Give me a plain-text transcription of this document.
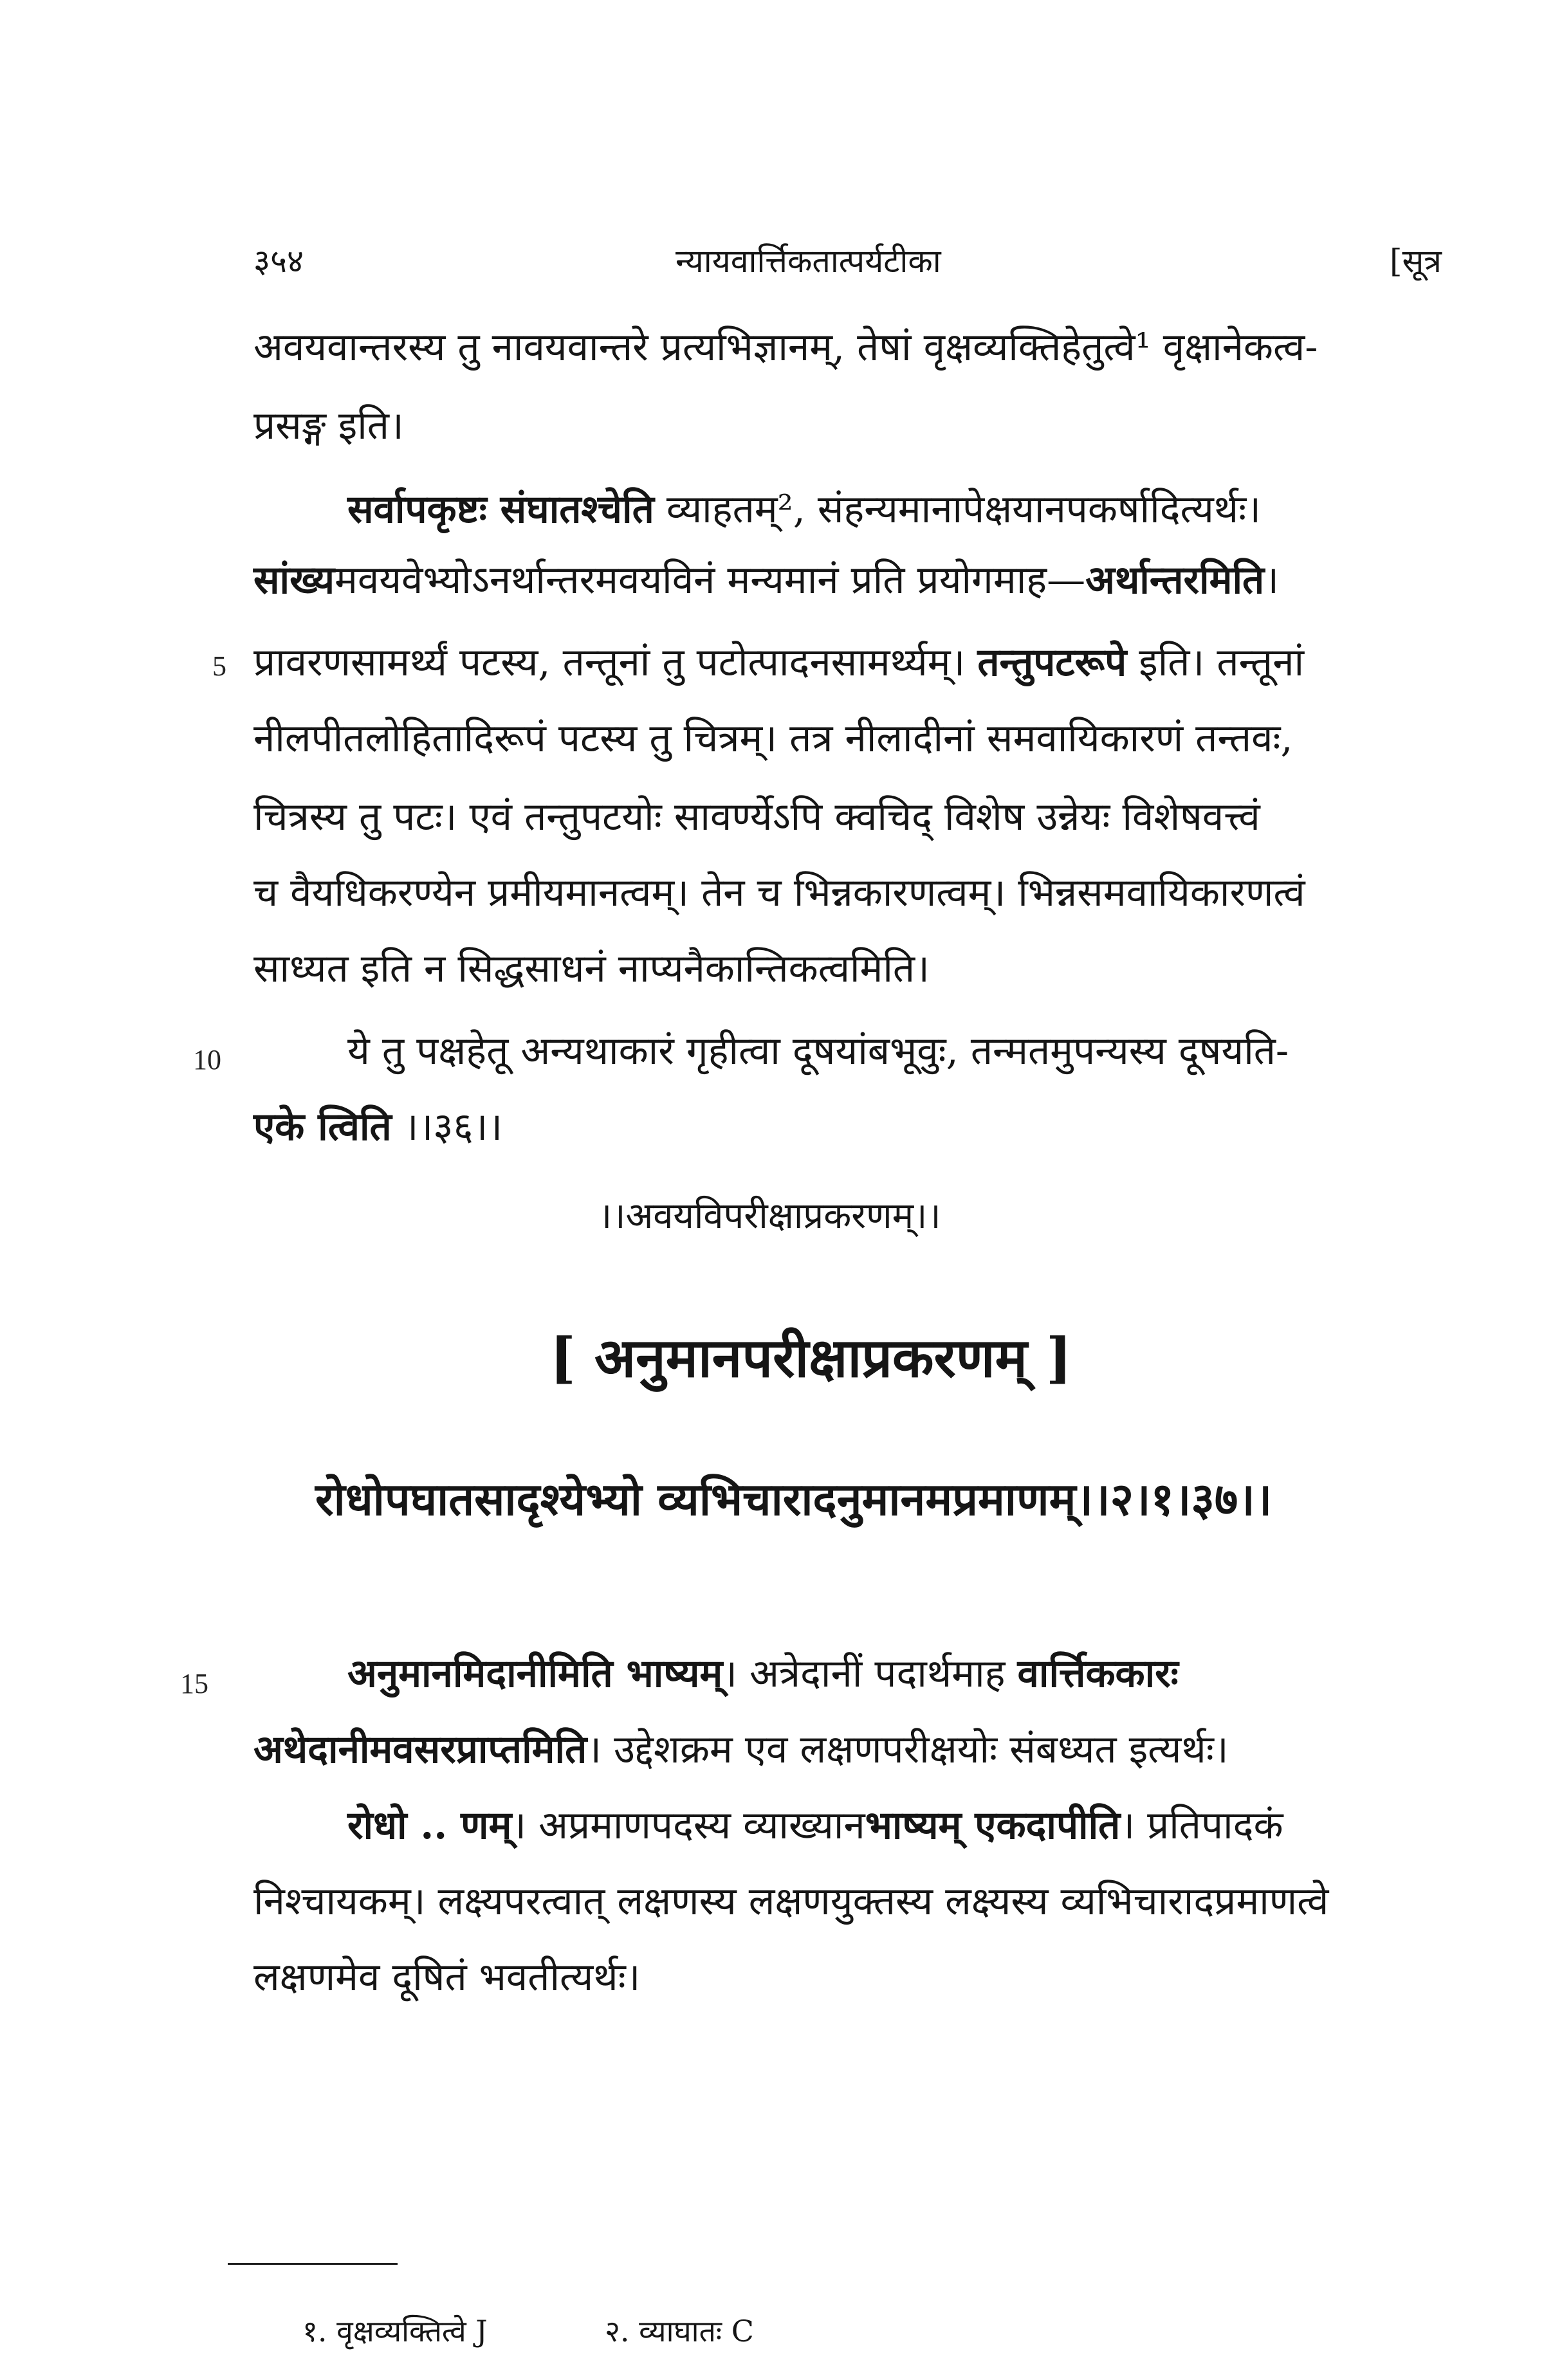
३५४	न्यायवार्त्तिकतात्पर्यटीका	[सूत्र
अवयवान्तरस्य तु नावयवान्तरे प्रत्यभिज्ञानम्, तेषां वृक्षव्यक्तिहेतुत्वे¹ वृक्षानेकत्व-
प्रसङ्ग इति।
सर्वापकृष्टः संघातश्चेति व्याहतम्², संहन्यमानापेक्षयानपकर्षादित्यर्थः।
सांख्यमवयवेभ्योऽनर्थान्तरमवयविनं मन्यमानं प्रति प्रयोगमाह—अर्थान्तरमिति।
5 प्रावरणसामर्थ्यं पटस्य, तन्तूनां तु पटोत्पादनसामर्थ्यम्। तन्तुपटरूपे इति। तन्तूनां
नीलपीतलोहितादिरूपं पटस्य तु चित्रम्। तत्र नीलादीनां समवायिकारणं तन्तवः,
चित्रस्य तु पटः। एवं तन्तुपटयोः सावर्ण्येऽपि क्वचिद् विशेष उन्नेयः विशेषवत्त्वं
च वैयधिकरण्येन प्रमीयमानत्वम्। तेन च भिन्नकारणत्वम्। भिन्नसमवायिकारणत्वं
साध्यत इति न सिद्धसाधनं नाप्यनैकान्तिकत्वमिति।
10	ये तु पक्षहेतू अन्यथाकारं गृहीत्वा दूषयांबभूवुः, तन्मतमुपन्यस्य दूषयति-
एके त्विति ।।३६।।
।।अवयविपरीक्षाप्रकरणम्।।
[ अनुमानपरीक्षाप्रकरणम् ]
रोधोपघातसादृश्येभ्यो व्यभिचारादनुमानमप्रमाणम्।।२।१।३७।।
15	अनुमानमिदानीमिति भाष्यम्। अत्रेदानीं पदार्थमाह वार्त्तिककारः
अथेदानीमवसरप्राप्तमिति। उद्देशक्रम एव लक्षणपरीक्षयोः संबध्यत इत्यर्थः।
रोधो .. णम्। अप्रमाणपदस्य व्याख्यानभाष्यम् एकदापीति। प्रतिपादकं
निश्चायकम्। लक्ष्यपरत्वात् लक्षणस्य लक्षणयुक्तस्य लक्ष्यस्य व्यभिचारादप्रमाणत्वे
लक्षणमेव दूषितं भवतीत्यर्थः।
१. वृक्षव्यक्तित्वे J	२. व्याघातः C
